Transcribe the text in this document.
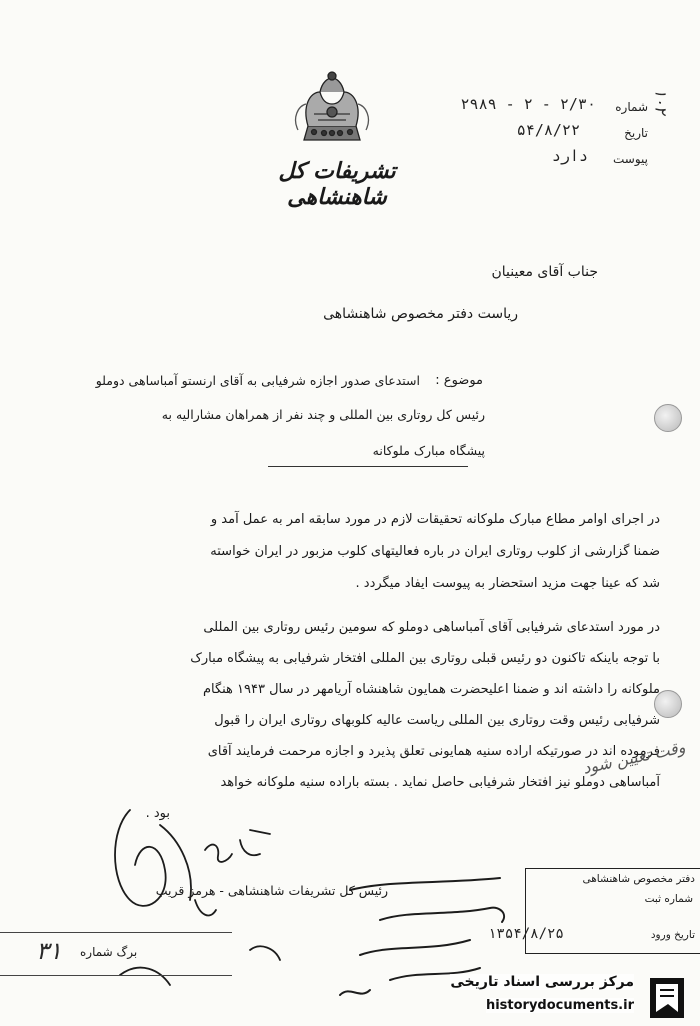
۱۰۲
شماره
۲/۳۰ - ۲ - ۲۹۸۹
تاریخ
۵۴/۸/۲۲
پیوست
دارد
تشریفات کل شاهنشاهی
جناب آقای معینیان
ریاست دفتر مخصوص شاهنشاهی
موضوع :
استدعای صدور اجازه شرفیابی به آقای ارنستو آمباساهی دوملو
رئیس کل روتاری بین المللی و چند نفر از همراهان مشارالیه به
پیشگاه مبارک ملوکانه
در اجرای اوامر مطاع مبارک ملوکانه تحقیقات لازم در مورد سابقه امر به عمل آمد و
ضمنا گزارشی از کلوب روتاری ایران در باره فعالیتهای کلوب مزبور در ایران خواسته
شد که عینا جهت مزید استحضار به پیوست ایفاد میگردد .
در مورد استدعای شرفیابی آقای آمباساهی دوملو که سومین رئیس روتاری بین المللی
با توجه باینکه تاکنون دو رئیس قبلی روتاری بین المللی افتخار شرفیابی به پیشگاه مبارک
ملوکانه را داشته اند و ضمنا اعلیحضرت همایون شاهنشاه آریامهر در سال ۱۹۴۳ هنگام
شرفیابی رئیس وقت روتاری بین المللی ریاست عالیه کلوبهای روتاری ایران را قبول
فرموده اند در صورتیکه اراده سنیه همایونی تعلق پذیرد و اجازه مرحمت فرمایند آقای
آمباساهی دوملو نیز افتخار شرفیابی حاصل نماید . بسته باراده سنیه ملوکانه خواهد
بود .
وقت تعیین شود
رئیس کل تشریفات شاهنشاهی - هرمز قریب
دفتر مخصوص شاهنشاهی
شماره ثبت
تاریخ ورود
۱۳۵۴/۸/۲۵
۳۱ برگ شماره
مرکز بررسی اسناد تاریخی
historydocuments.ir
